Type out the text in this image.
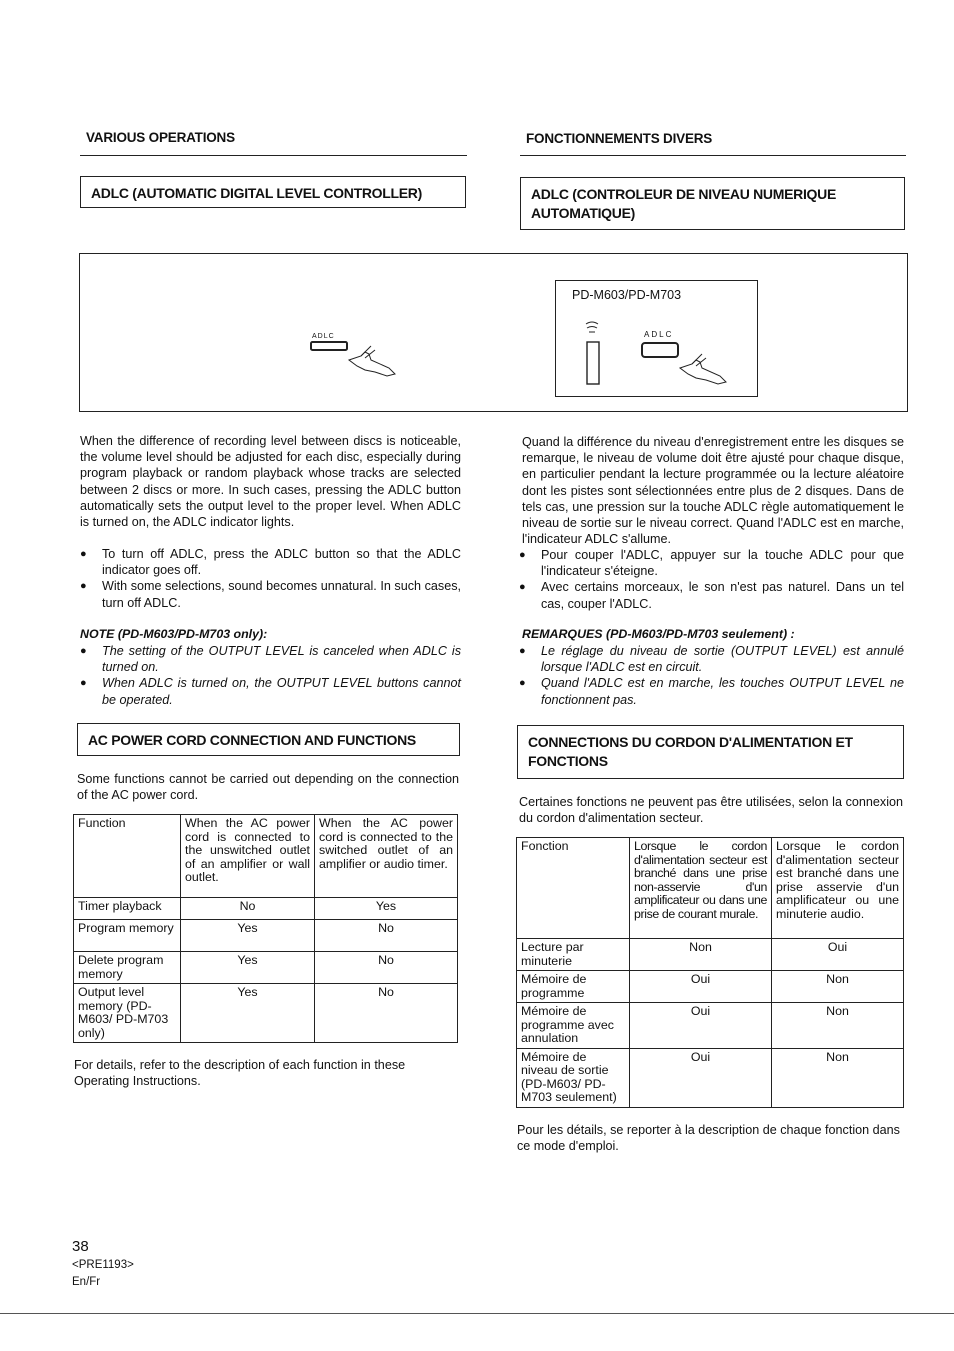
VARIOUS OPERATIONS	FONCTIONNEMENTS DIVERS
ADLC (AUTOMATIC DIGITAL LEVEL CONTROLLER)	ADLC (CONTROLEUR DE NIVEAU NUMERIQUE AUTOMATIQUE)
ADLC
PD-M603/PD-M703
ADLC
When the difference of recording level between discs is noticeable, the volume level should be adjusted for each disc, especially during program playback or random playback whose tracks are selected between 2 discs or more. In such cases, pressing the ADLC button automatically sets the output level to the proper level. When ADLC is turned on, the ADLC indicator lights.
● To turn off ADLC, press the ADLC button so that the ADLC indicator goes off.
● With some selections, sound becomes unnatural. In such cases, turn off ADLC.
NOTE (PD-M603/PD-M703 only):
● The setting of the OUTPUT LEVEL is canceled when ADLC is turned on.
● When ADLC is turned on, the OUTPUT LEVEL buttons cannot be operated.
AC POWER CORD CONNECTION AND FUNCTIONS
Some functions cannot be carried out depending on the connection of the AC power cord.
Function	When the AC power cord is connected to the unswitched outlet of an amplifier or wall outlet.	When the AC power cord is connected to the switched outlet of an amplifier or audio timer.
Timer playback	No	Yes
Program memory	Yes	No
Delete program memory	Yes	No
Output level memory (PD-M603/ PD-M703 only)	Yes	No
For details, refer to the description of each function in these Operating Instructions.
Quand la différence du niveau d'enregistrement entre les disques se remarque, le niveau de volume doit être ajusté pour chaque disque, en particulier pendant la lecture programmée ou la lecture aléatoire dont les pistes sont sélectionnées entre plus de 2 disques. Dans de tels cas, une pression sur la touche ADLC règle automatiquement le niveau de sortie sur le niveau correct. Quand l'ADLC est en marche, l'indicateur ADLC s'allume.
● Pour couper l'ADLC, appuyer sur la touche ADLC pour que l'indicateur s'éteigne.
● Avec certains morceaux, le son n'est pas naturel. Dans un tel cas, couper l'ADLC.
REMARQUES (PD-M603/PD-M703 seulement) :
● Le réglage du niveau de sortie (OUTPUT LEVEL) est annulé lorsque l'ADLC est en circuit.
● Quand l'ADLC est en marche, les touches OUTPUT LEVEL ne fonctionnent pas.
CONNECTIONS DU CORDON D'ALIMENTATION ET FONCTIONS
Certaines fonctions ne peuvent pas être utilisées, selon la connexion du cordon d'alimentation secteur.
Fonction	Lorsque le cordon d'alimentation secteur est branché dans une prise non-asservie d'un amplificateur ou dans une prise de courant murale.	Lorsque le cordon d'alimentation secteur est branché dans une prise asservie d'un amplificateur ou une minuterie audio.
Lecture par minuterie	Non	Oui
Mémoire de programme	Oui	Non
Mémoire de programme avec annulation	Oui	Non
Mémoire de niveau de sortie (PD-M603/ PD-M703 seulement)	Oui	Non
Pour les détails, se reporter à la description de chaque fonction dans ce mode d'emploi.
38
<PRE1193>
En/Fr
